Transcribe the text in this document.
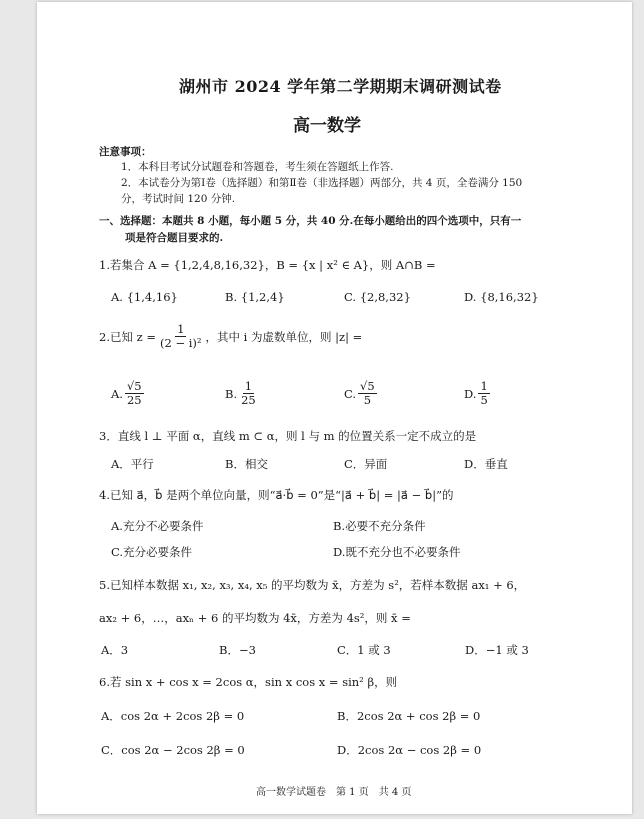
湖州市 2024 学年第二学期期末调研测试卷
高一数学
注意事项：
1．本科目考试分试题卷和答题卷，考生须在答题纸上作答.
2．本试卷分为第Ⅰ卷（选择题）和第Ⅱ卷（非选择题）两部分，共 4 页，全卷满分 150
分，考试时间 120 分钟.
一、选择题：本题共 8 小题，每小题 5 分，共 40 分.在每小题给出的四个选项中，只有一
项是符合题目要求的.
1.若集合 A = {1,2,4,8,16,32}，B = {x | x² ∈ A}，则 A∩B =
A. {1,4,16}	B. {1,2,4}	C. {2,8,32}	D. {8,16,32}
2.已知 $z = \frac{1}{\text{(2 − i)²}}$ ，其中 i 为虚数单位，则 |z| =
A. $\frac{√5}{25}$	B. $\frac{1}{25}$	C. $\frac{√5}{5}$	D. $\frac{1}{5}$
3．直线 l ⊥ 平面 α，直线 m ⊂ α，则 l 与 m 的位置关系一定不成立的是
A．平行	B．相交	C．异面	D．垂直
4.已知 a⃗，b⃗ 是两个单位向量，则“a⃗·b⃗ = 0”是“|a⃗ + b⃗| = |a⃗ − b⃗|”的
A.充分不必要条件	B.必要不充分条件
C.充分必要条件	D.既不充分也不必要条件
5.已知样本数据 x₁, x₂, x₃, x₄, x₅ 的平均数为 x̄，方差为 s²，若样本数据 ax₁ + 6，
ax₂ + 6，…，axₙ + 6 的平均数为 4x̄，方差为 4s²，则 x̄ =
A．3	B．−3	C．1 或 3	D．−1 或 3
6.若 sin x + cos x = 2cos α，sin x cos x = sin² β，则
A．cos 2α + 2cos 2β = 0	B．2cos 2α + cos 2β = 0
C．cos 2α − 2cos 2β = 0	D．2cos 2α − cos 2β = 0
高一数学试题卷　第 1 页　共 4 页
